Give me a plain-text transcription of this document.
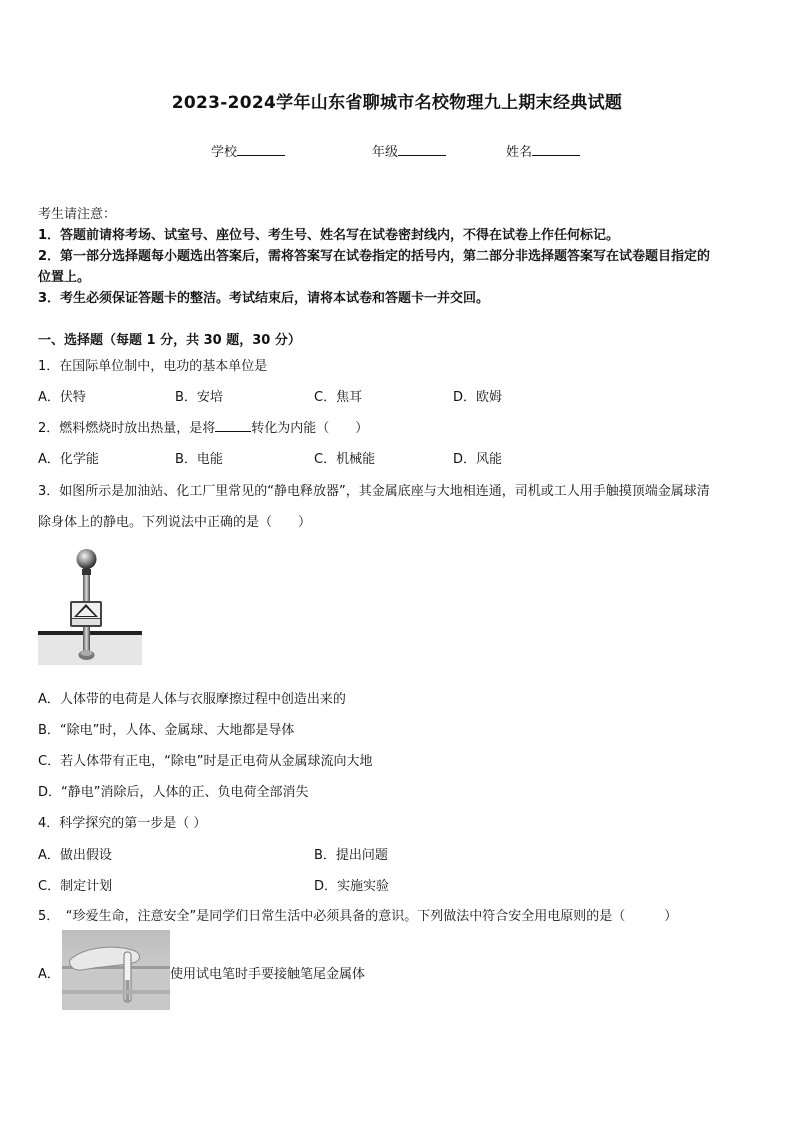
2023-2024学年山东省聊城市名校物理九上期末经典试题
学校	年级	姓名
考生请注意：
1．答题前请将考场、试室号、座位号、考生号、姓名写在试卷密封线内，不得在试卷上作任何标记。
2．第一部分选择题每小题选出答案后，需将答案写在试卷指定的括号内，第二部分非选择题答案写在试卷题目指定的
位置上。
3．考生必须保证答题卡的整洁。考试结束后，请将本试卷和答题卡一并交回。
一、选择题（每题 1 分，共 30 题，30 分）
1．在国际单位制中，电功的基本单位是
A．伏特	B．安培	C．焦耳	D．欧姆
2．燃料燃烧时放出热量，是将	转化为内能（　　）
A．化学能	B．电能	C．机械能	D．风能
3．如图所示是加油站、化工厂里常见的“静电释放器”，其金属底座与大地相连通，司机或工人用手触摸顶端金属球清
除身体上的静电。下列说法中正确的是（　　）
A．人体带的电荷是人体与衣服摩擦过程中创造出来的
B．“除电”时，人体、金属球、大地都是导体
C．若人体带有正电，“除电”时是正电荷从金属球流向大地
D．“静电”消除后，人体的正、负电荷全部消失
4．科学探究的第一步是（ ）
A．做出假设	B．提出问题
C．制定计划	D．实施实验
5．　“珍爱生命，注意安全”是同学们日常生活中必须具备的意识。下列做法中符合安全用电原则的是（　　　）
A．	使用试电笔时手要接触笔尾金属体
